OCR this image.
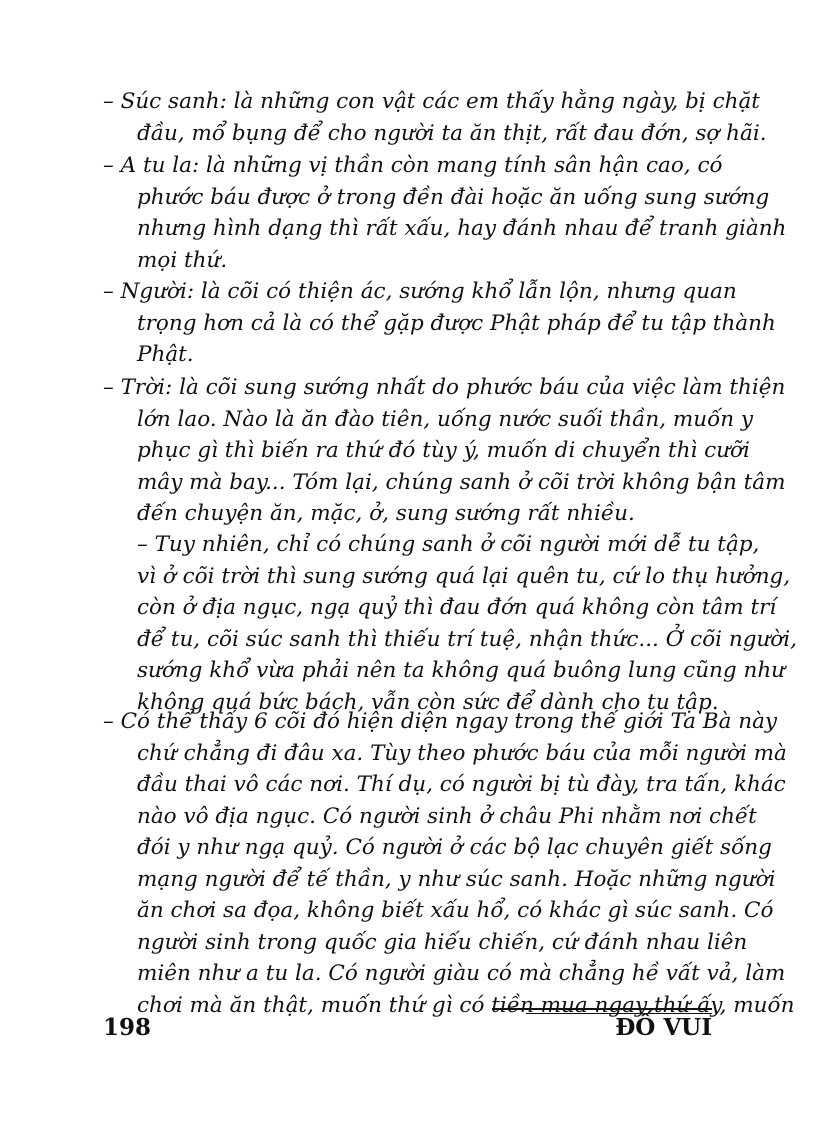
– Súc sanh: là những con vật các em thấy hằng ngày, bị chặt
đầu, mổ bụng để cho người ta ăn thịt, rất đau đớn, sợ hãi.
– A tu la: là những vị thần còn mang tính sân hận cao, có
phước báu được ở trong đền đài hoặc ăn uống sung sướng
nhưng hình dạng thì rất xấu, hay đánh nhau để tranh giành
mọi thứ.
– Người: là cõi có thiện ác, sướng khổ lẫn lộn, nhưng quan
trọng hơn cả là có thể gặp được Phật pháp để tu tập thành
Phật.
– Trời: là cõi sung sướng nhất do phước báu của việc làm thiện
lớn lao. Nào là ăn đào tiên, uống nước suối thần, muốn y
phục gì thì biến ra thứ đó tùy ý, muốn di chuyển thì cưỡi
mây mà bay... Tóm lại, chúng sanh ở cõi trời không bận tâm
đến chuyện ăn, mặc, ở, sung sướng rất nhiều.
– Tuy nhiên, chỉ có chúng sanh ở cõi người mới dễ tu tập,
vì ở cõi trời thì sung sướng quá lại quên tu, cứ lo thụ hưởng,
còn ở địa ngục, ngạ quỷ thì đau đớn quá không còn tâm trí
để tu, cõi súc sanh thì thiếu trí tuệ, nhận thức... Ở cõi người,
sướng khổ vừa phải nên ta không quá buông lung cũng như
không quá bức bách, vẫn còn sức để dành cho tu tập.
– Có thể thấy 6 cõi đó hiện diện ngay trong thế giới Ta Bà này
chứ chẳng đi đâu xa. Tùy theo phước báu của mỗi người mà
đầu thai vô các nơi. Thí dụ, có người bị tù đày, tra tấn, khác
nào vô địa ngục. Có người sinh ở châu Phi nhằm nơi chết
đói y như ngạ quỷ. Có người ở các bộ lạc chuyên giết sống
mạng người để tế thần, y như súc sanh. Hoặc những người
ăn chơi sa đọa, không biết xấu hổ, có khác gì súc sanh. Có
người sinh trong quốc gia hiếu chiến, cứ đánh nhau liên
miên như a tu la. Có người giàu có mà chẳng hề vất vả, làm
chơi mà ăn thật, muốn thứ gì có tiền mua ngay thứ ấy, muốn
198	ĐỐ VUI
